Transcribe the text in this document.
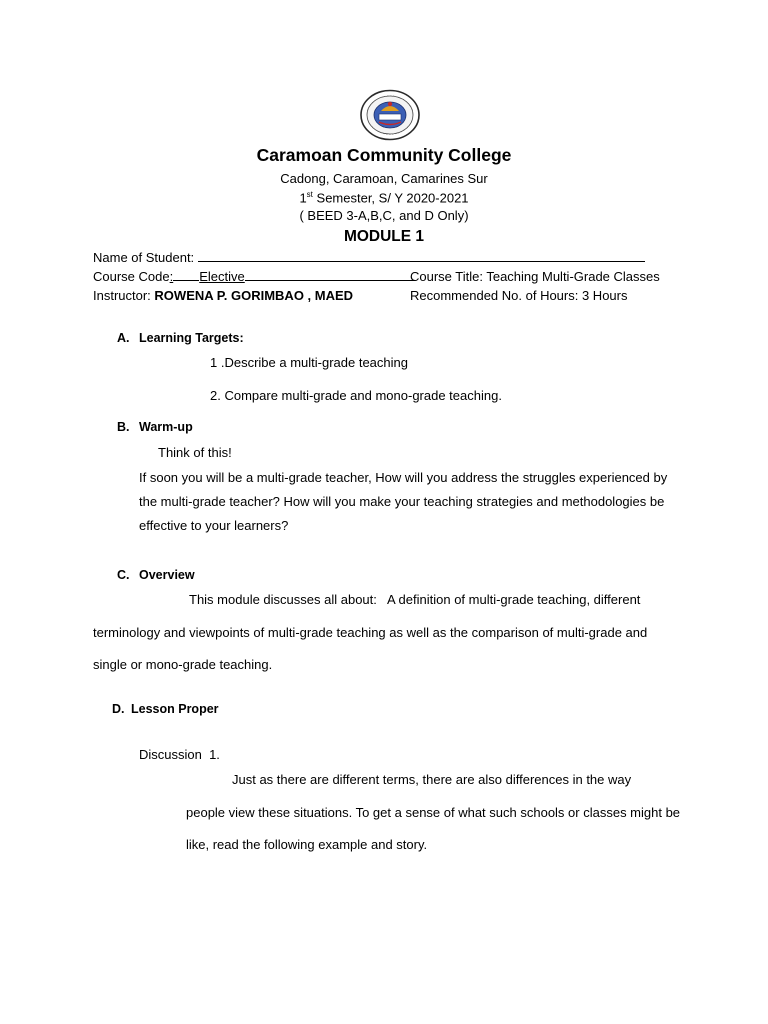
Caramoan Community College
Cadong, Caramoan, Camarines Sur
1st Semester, S/ Y 2020-2021
( BEED 3-A,B,C, and D Only)
MODULE 1
Name of Student:
Course Code: Elective	Course Title: Teaching Multi-Grade Classes
Instructor: ROWENA P. GORIMBAO , MAED	Recommended No. of Hours: 3 Hours
A. Learning Targets:
1 .Describe a multi-grade teaching
2. Compare multi-grade and mono-grade teaching.
B. Warm-up
Think of this!
If soon you will be a multi-grade teacher, How will you address the struggles experienced by
the multi-grade teacher? How will you make your teaching strategies and methodologies be
effective to your learners?
C. Overview
This module discusses all about:   A definition of multi-grade teaching, different
terminology and viewpoints of multi-grade teaching as well as the comparison of multi-grade and
single or mono-grade teaching.
D. Lesson Proper
Discussion  1.
Just as there are different terms, there are also differences in the way
people view these situations. To get a sense of what such schools or classes might be
like, read the following example and story.
